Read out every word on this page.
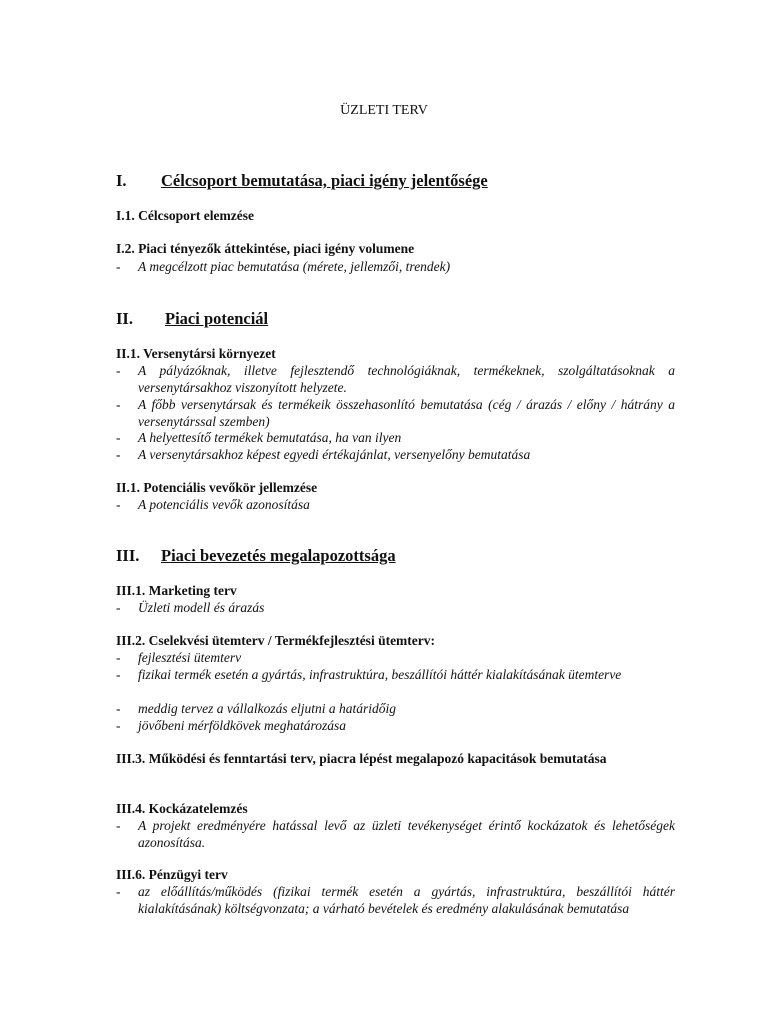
ÜZLETI TERV
I. Célcsoport bemutatása, piaci igény jelentősége
I.1. Célcsoport elemzése
I.2. Piaci tényezők áttekintése, piaci igény volumene
- A megcélzott piac bemutatása (mérete, jellemzői, trendek)
II. Piaci potenciál
II.1. Versenytársi környezet
- A pályázóknak, illetve fejlesztendő technológiáknak, termékeknek, szolgáltatásoknak a versenytársakhoz viszonyított helyzete.
- A főbb versenytársak és termékeik összehasonlító bemutatása (cég / árazás / előny / hátrány a versenytárssal szemben)
- A helyettesítő termékek bemutatása, ha van ilyen
- A versenytársakhoz képest egyedi értékajánlat, versenyelőny bemutatása
II.1. Potenciális vevőkör jellemzése
- A potenciális vevők azonosítása
III. Piaci bevezetés megalapozottsága
III.1. Marketing terv
- Üzleti modell és árazás
III.2. Cselekvési ütemterv / Termékfejlesztési ütemterv:
- fejlesztési ütemterv
- fizikai termék esetén a gyártás, infrastruktúra, beszállítói háttér kialakításának ütemterve
- meddig tervez a vállalkozás eljutni a határidőig
- jövőbeni mérföldkövek meghatározása
III.3. Működési és fenntartási terv, piacra lépést megalapozó kapacitások bemutatása
III.4. Kockázatelemzés
- A projekt eredményére hatással levő az üzleti tevékenységet érintő kockázatok és lehetőségek azonosítása.
III.6. Pénzügyi terv
- az előállítás/működés (fizikai termék esetén a gyártás, infrastruktúra, beszállítói háttér kialakításának) költségvonzata; a várható bevételek és eredmény alakulásának bemutatása
